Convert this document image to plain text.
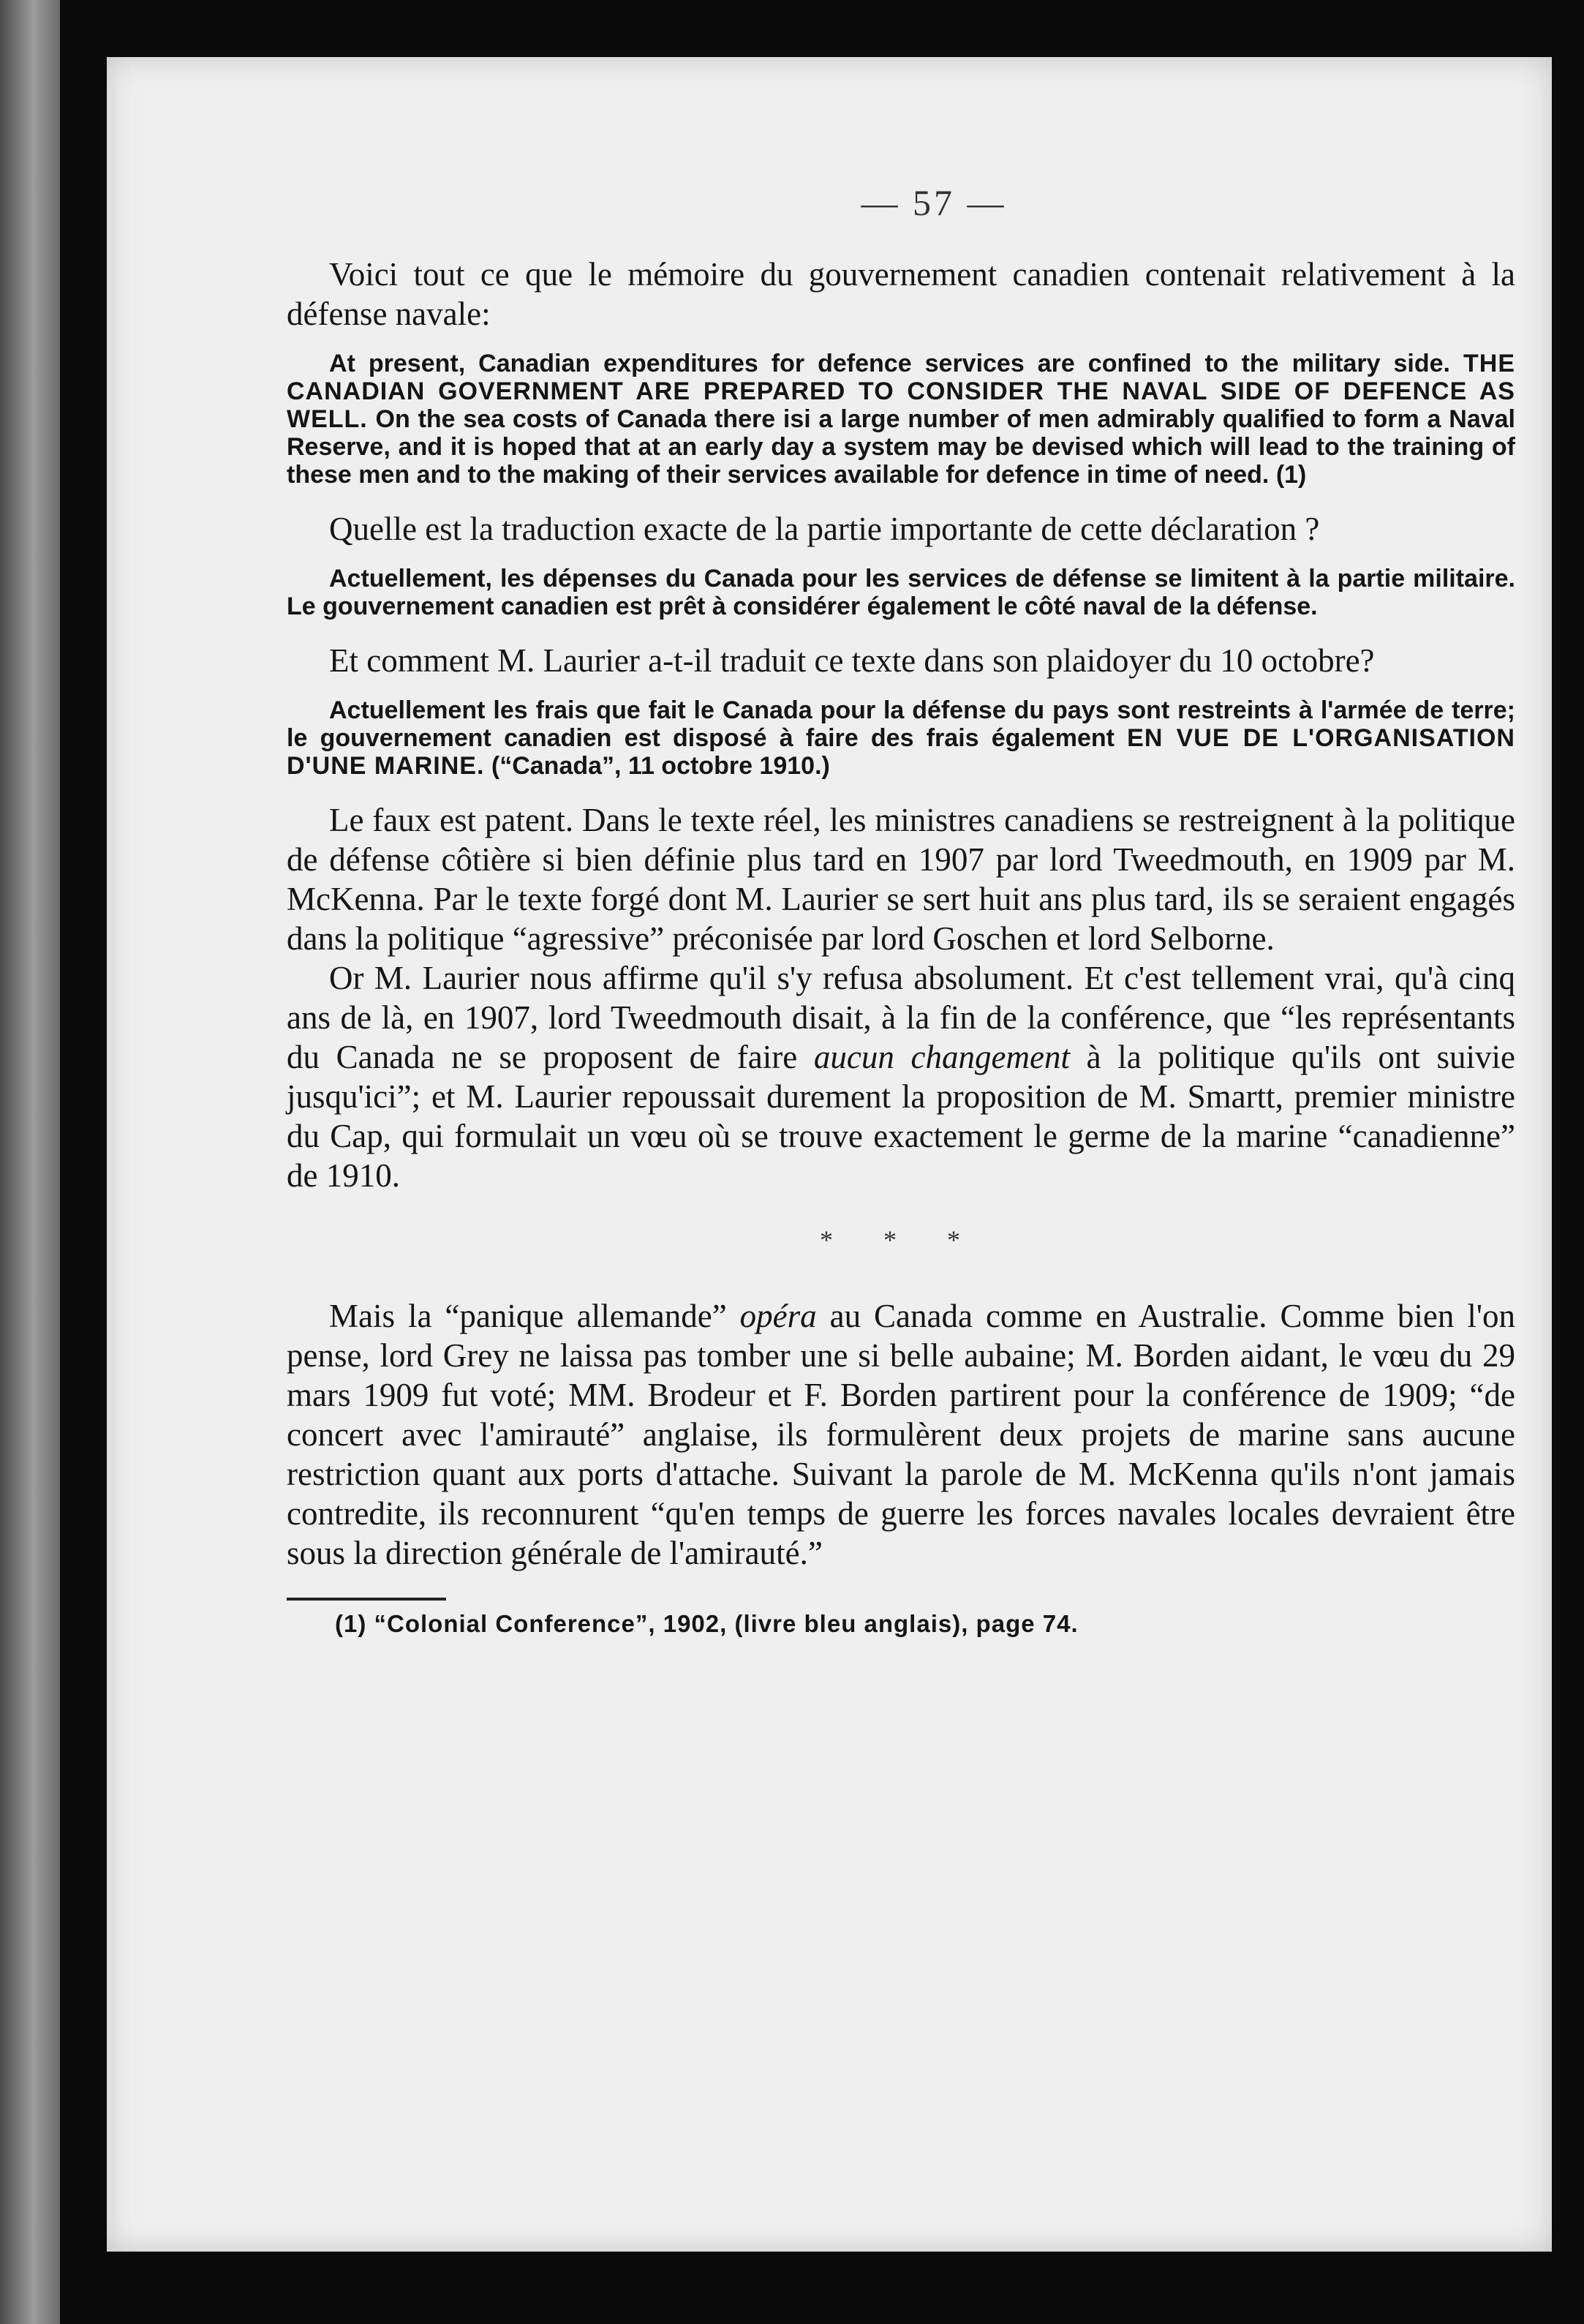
— 57 —

Voici tout ce que le mémoire du gouvernement canadien contenait relativement à la défense navale:

At present, Canadian expenditures for defence services are confined to the military side. THE CANADIAN GOVERNMENT ARE PREPARED TO CONSIDER THE NAVAL SIDE OF DEFENCE AS WELL. On the sea costs of Canada there isi a large number of men admirably qualified to form a Naval Reserve, and it is hoped that at an early day a system may be devised which will lead to the training of these men and to the making of their services available for defence in time of need. (1)

Quelle est la traduction exacte de la partie importante de cette déclaration ?

Actuellement, les dépenses du Canada pour les services de défense se limitent à la partie militaire. Le gouvernement canadien est prêt à considérer également le côté naval de la défense.

Et comment M. Laurier a-t-il traduit ce texte dans son plaidoyer du 10 octobre?

Actuellement les frais que fait le Canada pour la défense du pays sont restreints à l'armée de terre; le gouvernement canadien est disposé à faire des frais également EN VUE DE L'ORGANISATION D'UNE MARINE. (“Canada”, 11 octobre 1910.)

Le faux est patent. Dans le texte réel, les ministres canadiens se restreignent à la politique de défense côtière si bien définie plus tard en 1907 par lord Tweedmouth, en 1909 par M. McKenna. Par le texte forgé dont M. Laurier se sert huit ans plus tard, ils se seraient engagés dans la politique “agressive” préconisée par lord Goschen et lord Selborne.

Or M. Laurier nous affirme qu'il s'y refusa absolument. Et c'est tellement vrai, qu'à cinq ans de là, en 1907, lord Tweedmouth disait, à la fin de la conférence, que “les représentants du Canada ne se proposent de faire aucun changement à la politique qu'ils ont suivie jusqu'ici”; et M. Laurier repoussait durement la proposition de M. Smartt, premier ministre du Cap, qui formulait un vœu où se trouve exactement le germe de la marine “canadienne” de 1910.

* * *

Mais la “panique allemande” opéra au Canada comme en Australie. Comme bien l'on pense, lord Grey ne laissa pas tomber une si belle aubaine; M. Borden aidant, le vœu du 29 mars 1909 fut voté; MM. Brodeur et F. Borden partirent pour la conférence de 1909; “de concert avec l'amirauté” anglaise, ils formulèrent deux projets de marine sans aucune restriction quant aux ports d'attache. Suivant la parole de M. McKenna qu'ils n'ont jamais contredite, ils reconnurent “qu'en temps de guerre les forces navales locales devraient être sous la direction générale de l'amirauté.”

(1) “Colonial Conference”, 1902, (livre bleu anglais), page 74.
